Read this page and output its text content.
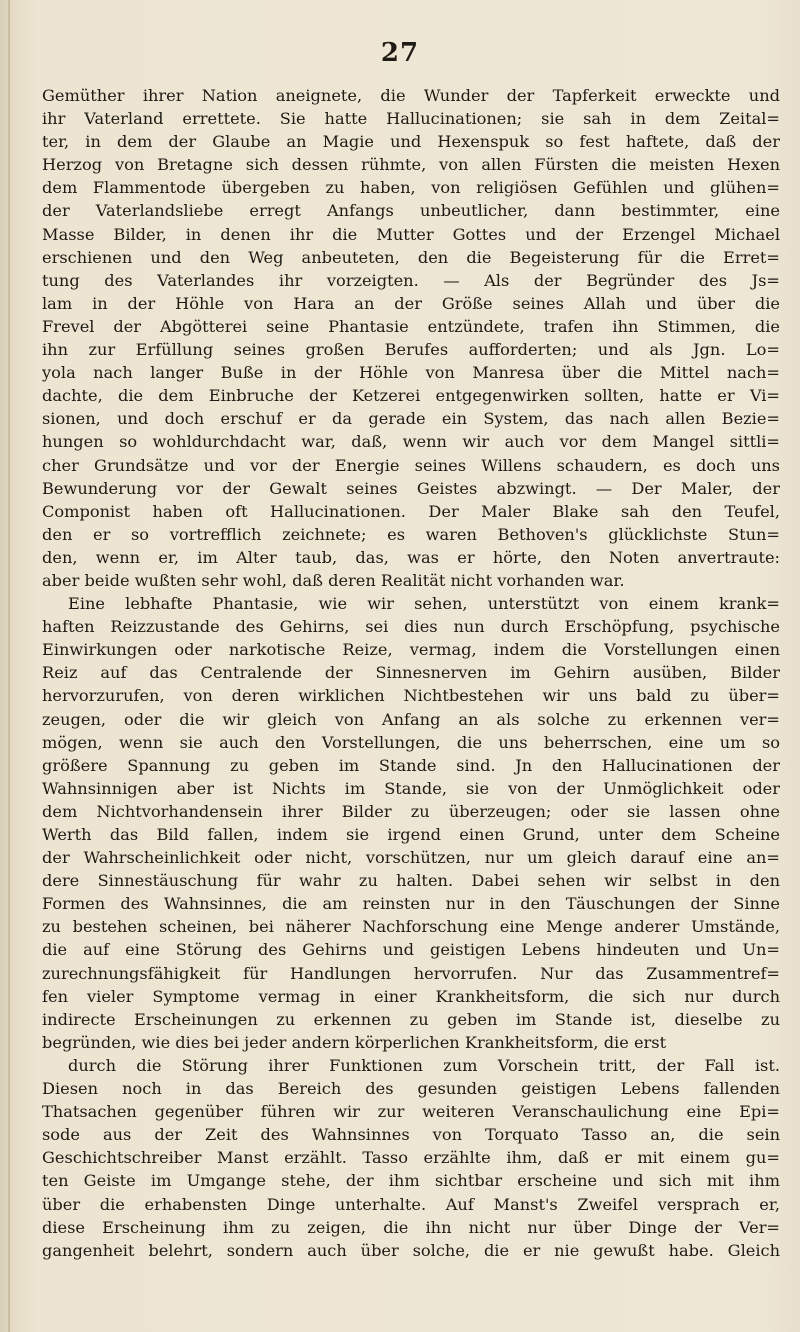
27
Gemüther ihrer Nation aneignete, die Wunder der Tapferkeit erweckte und
ihr Vaterland errettete. Sie hatte Hallucinationen; sie sah in dem Zeital=
ter, in dem der Glaube an Magie und Hexenspuk so fest haftete, daß der
Herzog von Bretagne sich dessen rühmte, von allen Fürsten die meisten Hexen
dem Flammentode übergeben zu haben, von religiösen Gefühlen und glühen=
der Vaterlandsliebe erregt Anfangs unbeutlicher, dann bestimmter, eine
Masse Bilder, in denen ihr die Mutter Gottes und der Erzengel Michael
erschienen und den Weg anbeuteten, den die Begeisterung für die Erret=
tung des Vaterlandes ihr vorzeigten. — Als der Begründer des Js=
lam in der Höhle von Hara an der Größe seines Allah und über die
Frevel der Abgötterei seine Phantasie entzündete, trafen ihn Stimmen, die
ihn zur Erfüllung seines großen Berufes aufforderten; und als Jgn. Lo=
yola nach langer Buße in der Höhle von Manresa über die Mittel nach=
dachte, die dem Einbruche der Ketzerei entgegenwirken sollten, hatte er Vi=
sionen, und doch erschuf er da gerade ein System, das nach allen Bezie=
hungen so wohldurchdacht war, daß, wenn wir auch vor dem Mangel sittli=
cher Grundsätze und vor der Energie seines Willens schaudern, es doch uns
Bewunderung vor der Gewalt seines Geistes abzwingt. — Der Maler, der
Componist haben oft Hallucinationen. Der Maler Blake sah den Teufel,
den er so vortrefflich zeichnete; es waren Bethoven's glücklichste Stun=
den, wenn er, im Alter taub, das, was er hörte, den Noten anvertraute:
aber beide wußten sehr wohl, daß deren Realität nicht vorhanden war.
Eine lebhafte Phantasie, wie wir sehen, unterstützt von einem krank=
haften Reizzustande des Gehirns, sei dies nun durch Erschöpfung, psychische
Einwirkungen oder narkotische Reize, vermag, indem die Vorstellungen einen
Reiz auf das Centralende der Sinnesnerven im Gehirn ausüben, Bilder
hervorzurufen, von deren wirklichen Nichtbestehen wir uns bald zu über=
zeugen, oder die wir gleich von Anfang an als solche zu erkennen ver=
mögen, wenn sie auch den Vorstellungen, die uns beherrschen, eine um so
größere Spannung zu geben im Stande sind. Jn den Hallucinationen der
Wahnsinnigen aber ist Nichts im Stande, sie von der Unmöglichkeit oder
dem Nichtvorhandensein ihrer Bilder zu überzeugen; oder sie lassen ohne
Werth das Bild fallen, indem sie irgend einen Grund, unter dem Scheine
der Wahrscheinlichkeit oder nicht, vorschützen, nur um gleich darauf eine an=
dere Sinnestäuschung für wahr zu halten. Dabei sehen wir selbst in den
Formen des Wahnsinnes, die am reinsten nur in den Täuschungen der Sinne
zu bestehen scheinen, bei näherer Nachforschung eine Menge anderer Umstände,
die auf eine Störung des Gehirns und geistigen Lebens hindeuten und Un=
zurechnungsfähigkeit für Handlungen hervorrufen. Nur das Zusammentref=
fen vieler Symptome vermag in einer Krankheitsform, die sich nur durch
indirecte Erscheinungen zu erkennen zu geben im Stande ist, dieselbe zu
begründen, wie dies bei jeder andern körperlichen Krankheitsform, die erst
durch die Störung ihrer Funktionen zum Vorschein tritt, der Fall ist.
Diesen noch in das Bereich des gesunden geistigen Lebens fallenden
Thatsachen gegenüber führen wir zur weiteren Veranschaulichung eine Epi=
sode aus der Zeit des Wahnsinnes von Torquato Tasso an, die sein
Geschichtschreiber Manst erzählt. Tasso erzählte ihm, daß er mit einem gu=
ten Geiste im Umgange stehe, der ihm sichtbar erscheine und sich mit ihm
über die erhabensten Dinge unterhalte. Auf Manst's Zweifel versprach er,
diese Erscheinung ihm zu zeigen, die ihn nicht nur über Dinge der Ver=
gangenheit belehrt, sondern auch über solche, die er nie gewußt habe. Gleich
